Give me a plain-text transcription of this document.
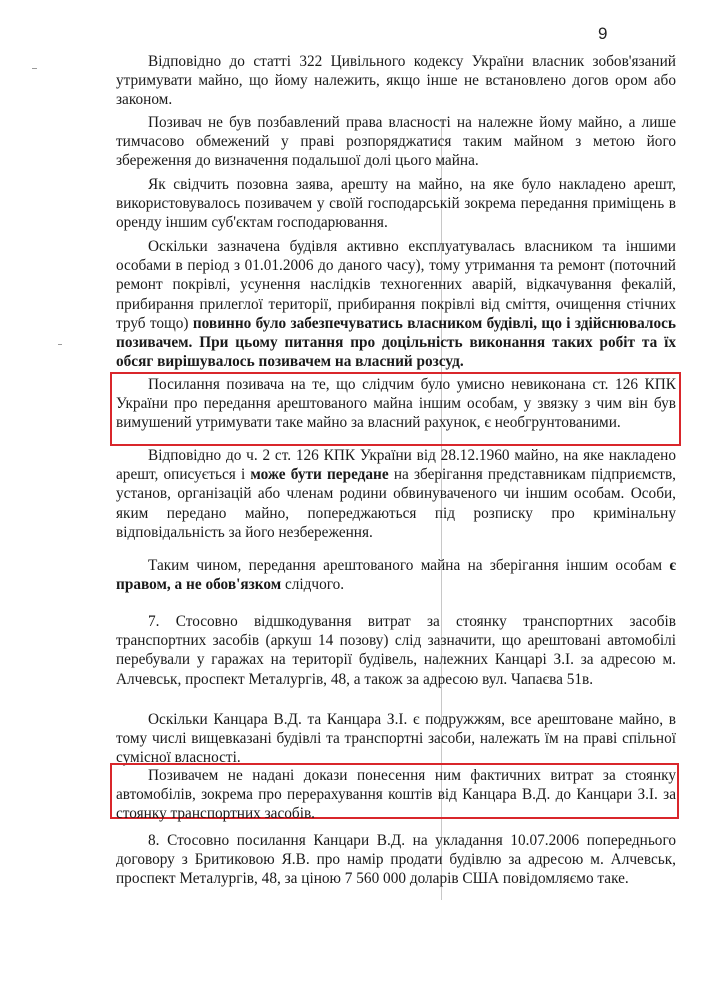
9

Відповідно до статті 322 Цивільного кодексу України власник зобов'язаний утримувати майно, що йому належить, якщо інше не встановлено догов ором або законом.

Позивач не був позбавлений права власності на належне йому майно, а лише тимчасово обмежений у праві розпоряджатися таким майном з метою його збереження до визначення подальшої долі цього майна.

Як свідчить позовна заява, арешту на майно, на яке було накладено арешт, використовувалось позивачем у своїй господарській зокрема передання приміщень в оренду іншим суб'єктам господарювання.

Оскільки зазначена будівля активно експлуатувалась власником та іншими особами в період з 01.01.2006 до даного часу), тому утримання та ремонт (поточний ремонт покрівлі, усунення наслідків техногенних аварій, відкачування фекалій, прибирання прилеглої території, прибирання покрівлі від сміття, очищення стічних труб тощо) повинно було забезпечуватись власником будівлі, що і здійснювалось позивачем. При цьому питання про доцільність виконання таких робіт та їх обсяг вирішувалось позивачем на власний розсуд.

Посилання позивача на те, що слідчим було умисно невиконана ст. 126 КПК України про передання арештованого майна іншим особам, у звязку з чим він був вимушений утримувати таке майно за власний рахунок, є необгрунтованими.

Відповідно до ч. 2 ст. 126 КПК України від 28.12.1960 майно, на яке накладено арешт, описується і може бути передане на зберігання представникам підприємств, установ, організацій або членам родини обвинуваченого чи іншим особам. Особи, яким передано майно, попереджаються під розписку про кримінальну відповідальність за його незбереження.

Таким чином, передання арештованого майна на зберігання іншим особам є правом, а не обов'язком слідчого.

7. Стосовно відшкодування витрат за стоянку транспортних засобів транспортних засобів (аркуш 14 позову) слід зазначити, що арештовані автомобілі перебували у гаражах на території будівель, належних Канцарі З.І. за адресою м. Алчевськ, проспект Металургів, 48, а також за адресою вул. Чапаєва 51в.

Оскільки Канцара В.Д. та Канцара З.І. є подружжям, все арештоване майно, в тому числі вищевказані будівлі та транспортні засоби, належать їм на праві спільної сумісної власності.

Позивачем не надані докази понесення ним фактичних витрат за стоянку автомобілів, зокрема про перерахування коштів від Канцара В.Д. до Канцари З.І. за стоянку транспортних засобів.

8. Стосовно посилання Канцари В.Д. на укладання 10.07.2006 попереднього договору з Бритиковою Я.В. про намір продати будівлю за адресою м. Алчевськ, проспект Металургів, 48, за ціною 7 560 000 доларів США повідомляємо таке.
